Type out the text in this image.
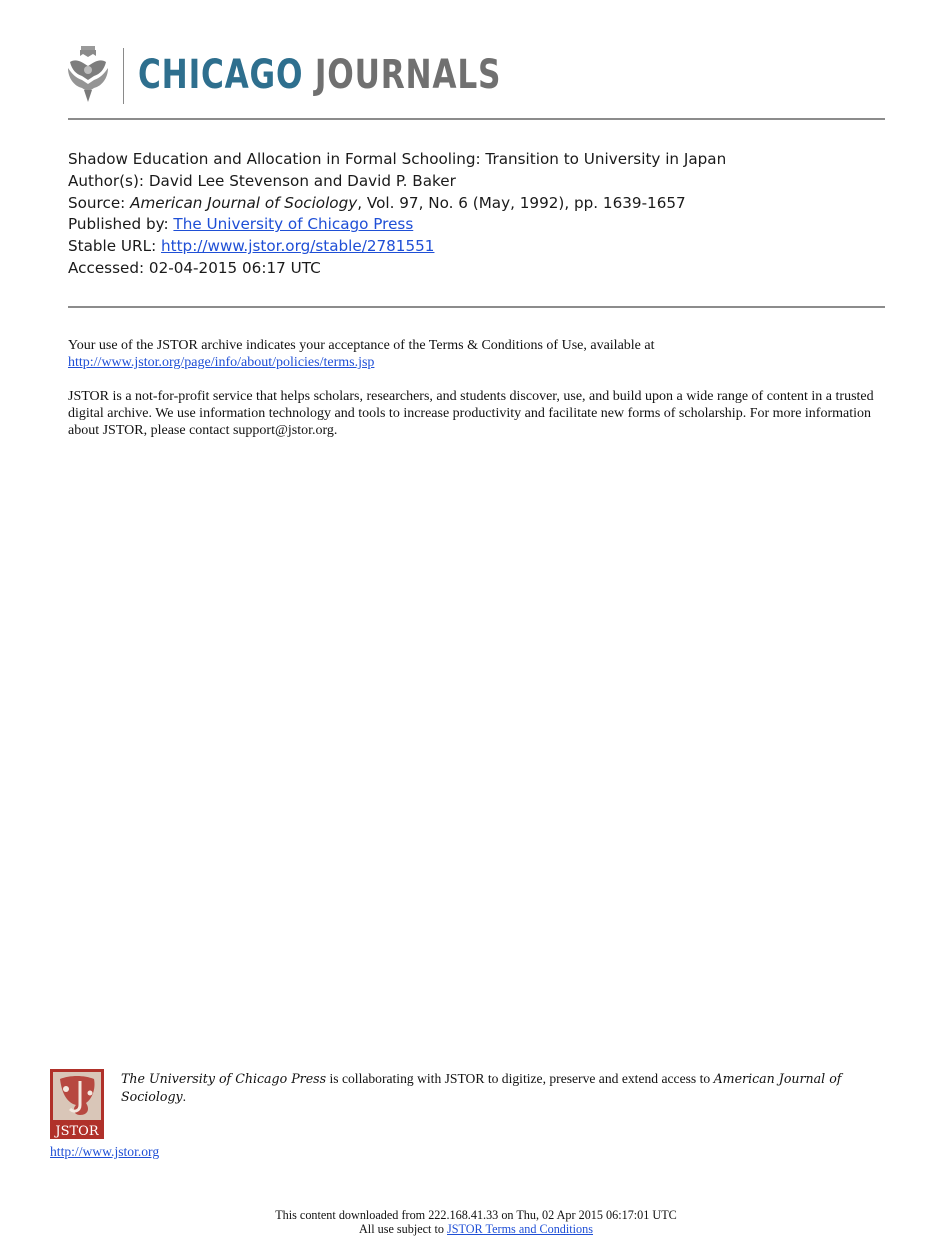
CHICAGO JOURNALS
Shadow Education and Allocation in Formal Schooling: Transition to University in Japan
Author(s): David Lee Stevenson and David P. Baker
Source: American Journal of Sociology, Vol. 97, No. 6 (May, 1992), pp. 1639-1657
Published by: The University of Chicago Press
Stable URL: http://www.jstor.org/stable/2781551
Accessed: 02-04-2015 06:17 UTC

Your use of the JSTOR archive indicates your acceptance of the Terms & Conditions of Use, available at
http://www.jstor.org/page/info/about/policies/terms.jsp

JSTOR is a not-for-profit service that helps scholars, researchers, and students discover, use, and build upon a wide range of content in a trusted digital archive. We use information technology and tools to increase productivity and facilitate new forms of scholarship. For more information about JSTOR, please contact support@jstor.org.

JSTOR
The University of Chicago Press is collaborating with JSTOR to digitize, preserve and extend access to American Journal of Sociology.
http://www.jstor.org
This content downloaded from 222.168.41.33 on Thu, 02 Apr 2015 06:17:01 UTC
All use subject to JSTOR Terms and Conditions
